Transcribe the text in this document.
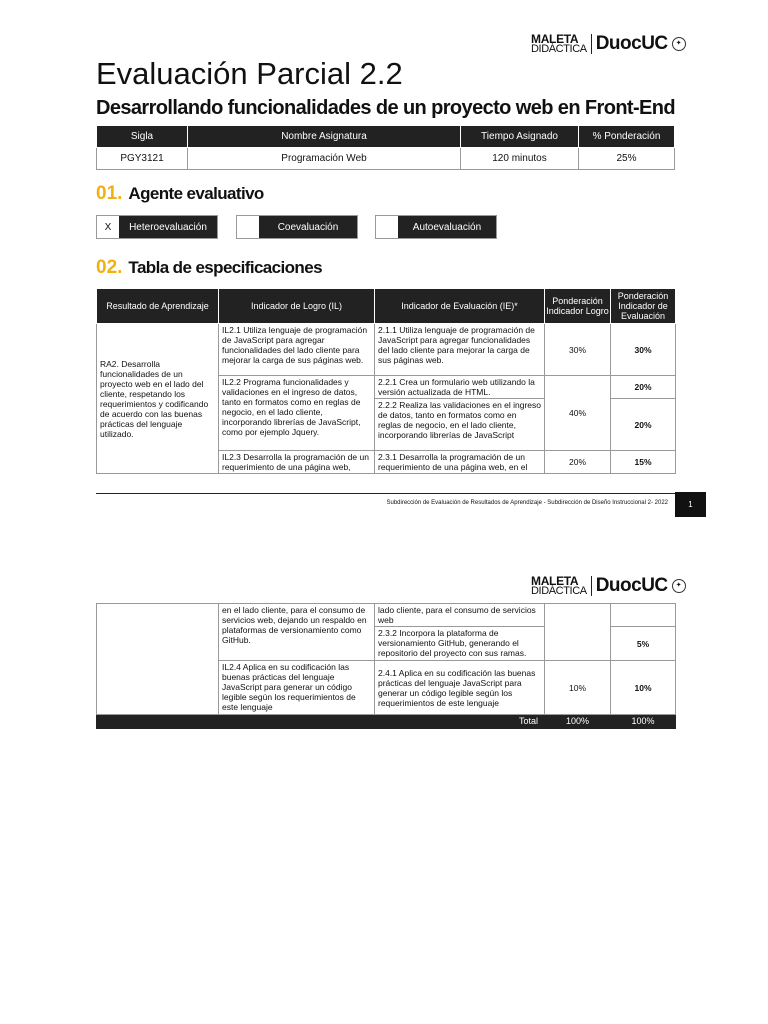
MALETA
DIDÁCTICA DuocUC	✦
Evaluación Parcial 2.2
Desarrollando funcionalidades de un proyecto web en Front-End
Sigla	Nombre Asignatura	Tiempo Asignado	% Ponderación
PGY3121	Programación Web	120 minutos	25%
01. Agente evaluativo
X	Heteroevaluación	Coevaluación	Autoevaluación
02. Tabla de especificaciones
Resultado de Aprendizaje	Indicador de Logro (IL)	Indicador de Evaluación (IE)*	Ponderación Indicador Logro	Ponderación Indicador de Evaluación
RA2. Desarrolla funcionalidades de un proyecto web en el lado del cliente, respetando los requerimientos y codificando de acuerdo con las buenas prácticas del lenguaje utilizado.	IL2.1 Utiliza lenguaje de programación de JavaScript para agregar funcionalidades del lado cliente para mejorar la carga de sus páginas web.	2.1.1 Utiliza lenguaje de programación de JavaScript para agregar funcionalidades del lado cliente para mejorar la carga de sus páginas web.	30%	30%
	IL2.2 Programa funcionalidades y validaciones en el ingreso de datos, tanto en formatos como en reglas de negocio, en el lado cliente, incorporando librerías de JavaScript, como por ejemplo Jquery.	2.2.1 Crea un formulario web utilizando la versión actualizada de HTML.	40%	20%
		2.2.2 Realiza las validaciones en el ingreso de datos, tanto en formatos como en reglas de negocio, en el lado cliente, incorporando librerías de JavaScript		20%
	IL2.3 Desarrolla la programación de un requerimiento de una página web,	2.3.1 Desarrolla la programación de un requerimiento de una página web, en el	20%	15%
Subdirección de Evaluación de Resultados de Aprendizaje - Subdirección de Diseño Instruccional 2- 2022	1
MALETA
DIDÁCTICA DuocUC	✦
	en el lado cliente, para el consumo de servicios web, dejando un respaldo en plataformas de versionamiento como GitHub.	lado cliente, para el consumo de servicios web		
		2.3.2 Incorpora la plataforma de versionamiento GitHub, generando el repositorio del proyecto con sus ramas.		5%
	IL2.4 Aplica en su codificación las buenas prácticas del lenguaje JavaScript para generar un código legible según los requerimientos de este lenguaje	2.4.1 Aplica en su codificación las buenas prácticas del lenguaje JavaScript para generar un código legible según los requerimientos de este lenguaje	10%	10%
Total			100%	100%
